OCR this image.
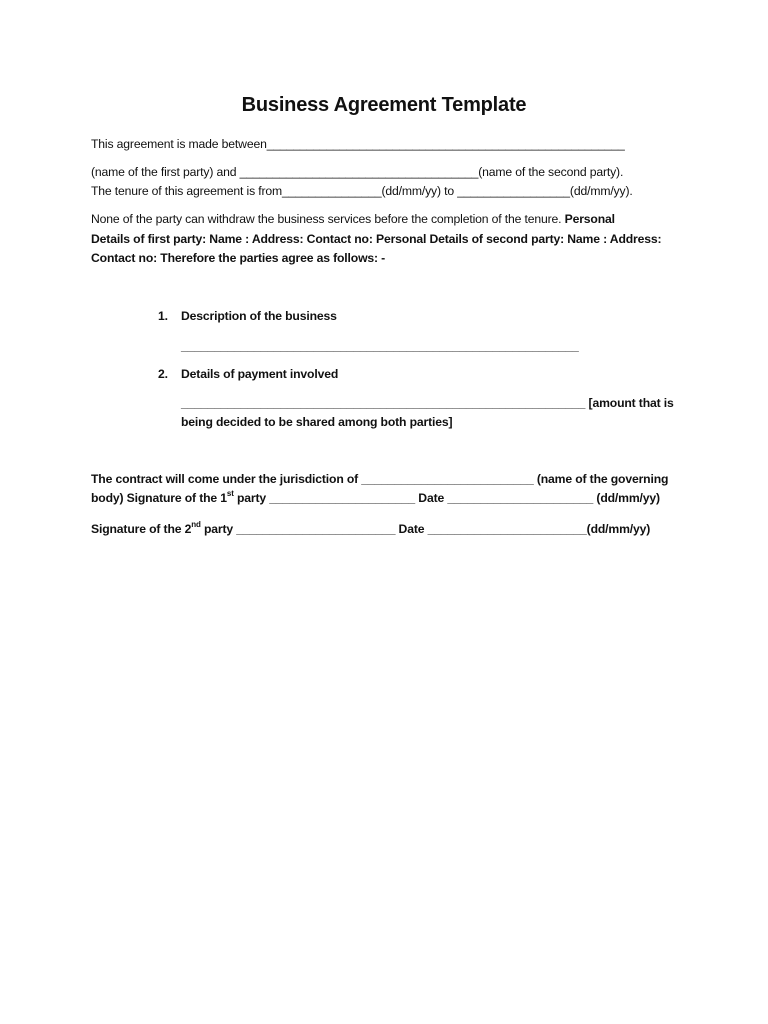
Business Agreement Template
This agreement is made between______________________________________________________
(name of the first party) and ____________________________________(name of the second party).
The tenure of this agreement is from_______________(dd/mm/yy) to _________________(dd/mm/yy).
None of the party can withdraw the business services before the completion of the tenure. Personal
Details of first party: Name : Address: Contact no: Personal Details of second party: Name : Address:
Contact no: Therefore the parties agree as follows: -
1. Description of the business
____________________________________________________________
2. Details of payment involved
_____________________________________________________________ [amount that is
being decided to be shared among both parties]
The contract will come under the jurisdiction of __________________________ (name of the governing
body) Signature of the 1st party ______________________ Date ______________________ (dd/mm/yy)
Signature of the 2nd party ________________________ Date ________________________(dd/mm/yy)
